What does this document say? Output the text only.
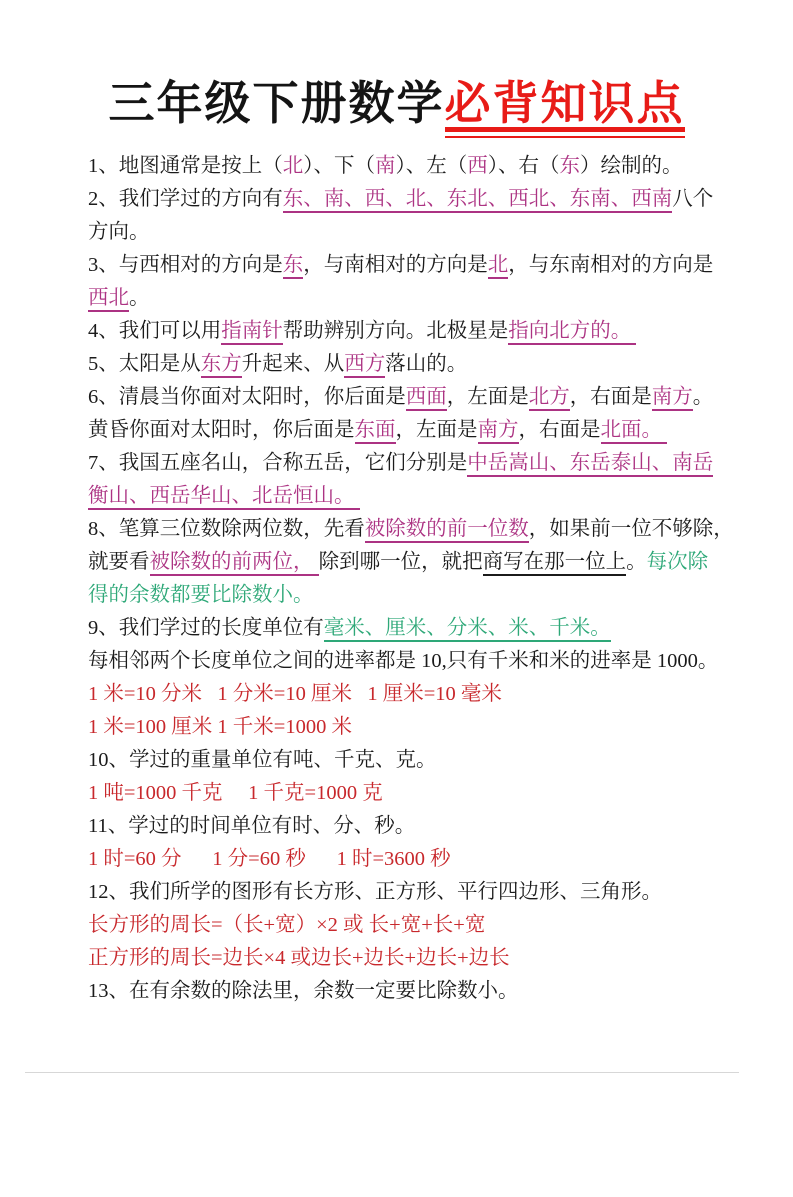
三年级下册数学必背知识点

1、地图通常是按上（北）、下（南）、左（西）、右（东）绘制的。

2、我们学过的方向有东、南、西、北、东北、西北、东南、西南八个

方向。

3、与西相对的方向是东，与南相对的方向是北，与东南相对的方向是

西北。

4、我们可以用指南针帮助辨别方向。北极星是指向北方的。

5、太阳是从东方升起来、从西方落山的。

6、清晨当你面对太阳时，你后面是西面，左面是北方，右面是南方。

黄昏你面对太阳时，你后面是东面，左面是南方，右面是北面。

7、我国五座名山，合称五岳，它们分别是中岳嵩山、东岳泰山、南岳

衡山、西岳华山、北岳恒山。

8、笔算三位数除两位数，先看被除数的前一位数，如果前一位不够除，

就要看被除数的前两位， 除到哪一位，就把商写在那一位上。每次除

得的余数都要比除数小。

9、我们学过的长度单位有毫米、厘米、分米、米、千米。

每相邻两个长度单位之间的进率都是 10,只有千米和米的进率是 1000。

1 米=10 分米   1 分米=10 厘米   1 厘米=10 毫米

1 米=100 厘米 1 千米=1000 米

10、学过的重量单位有吨、千克、克。

1 吨=1000 千克     1 千克=1000 克

11、学过的时间单位有时、分、秒。

1 时=60 分      1 分=60 秒      1 时=3600 秒

12、我们所学的图形有长方形、正方形、平行四边形、三角形。

长方形的周长=（长+宽）×2 或 长+宽+长+宽

正方形的周长=边长×4 或边长+边长+边长+边长

13、在有余数的除法里，余数一定要比除数小。
